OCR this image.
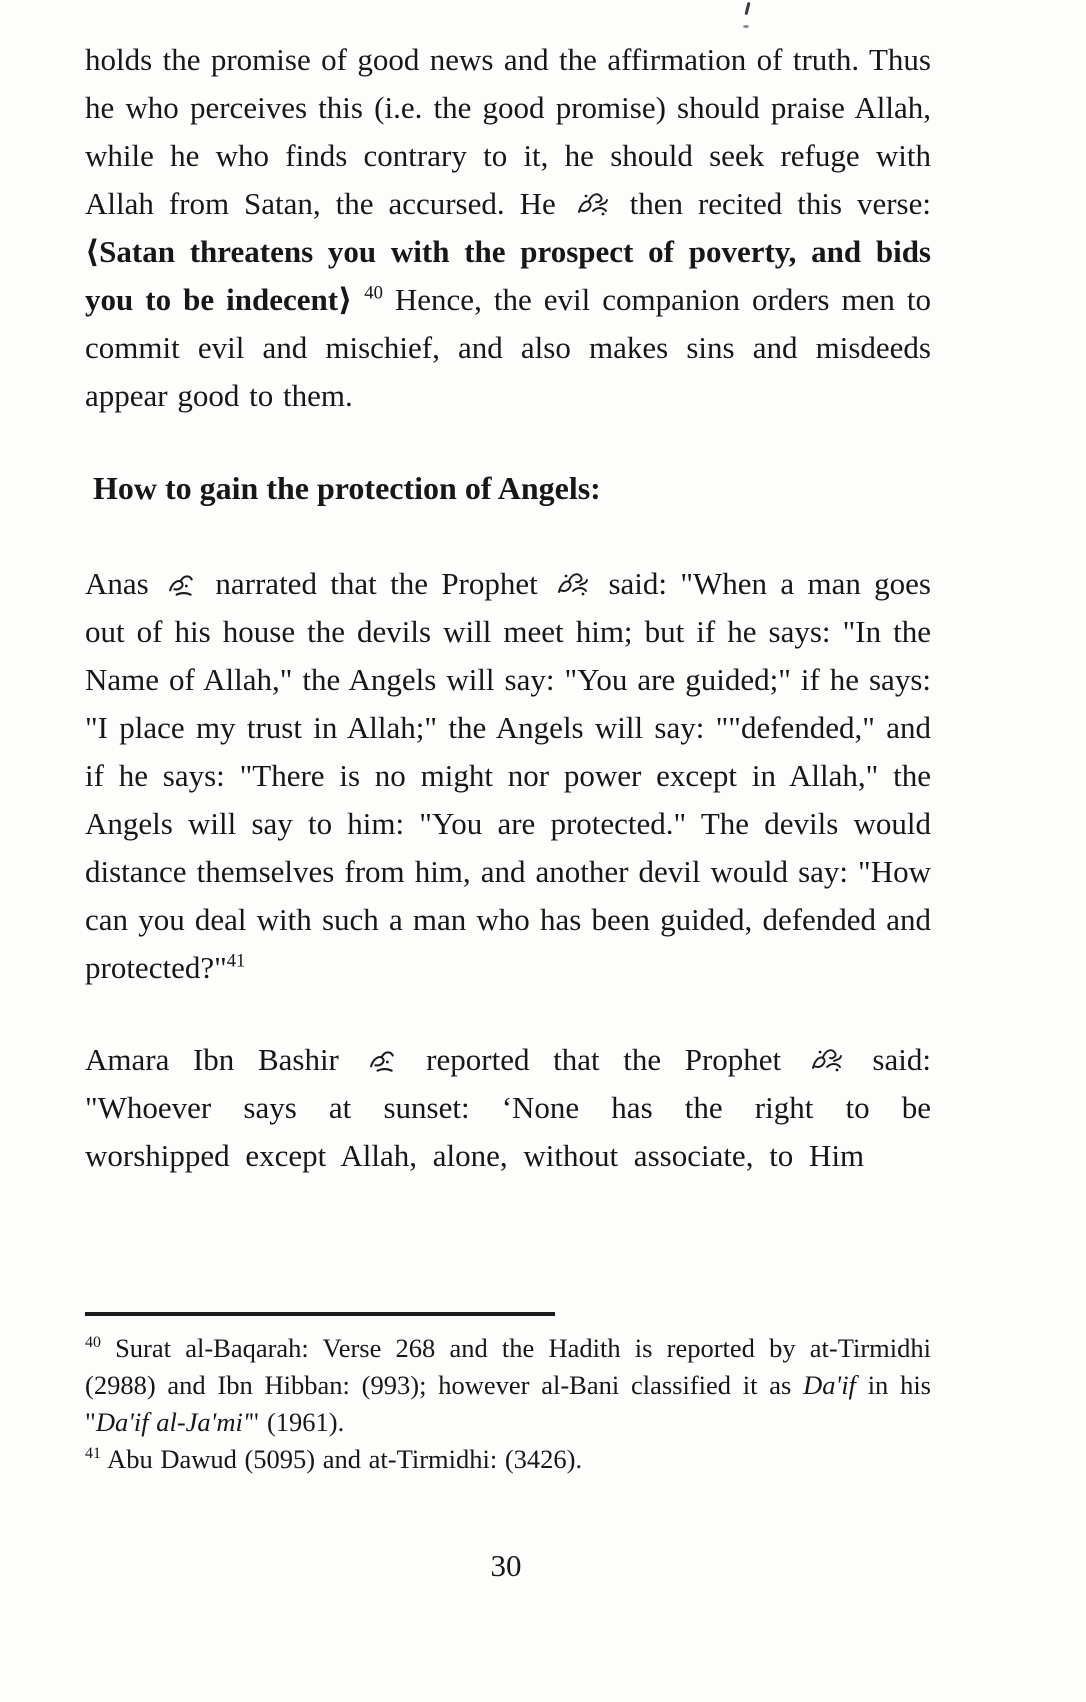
holds the promise of good news and the affirmation of truth. Thus he who perceives this (i.e. the good promise) should praise Allah, while he who finds contrary to it, he should seek refuge with Allah from Satan, the accursed. He
then recited this verse: ⟨Satan threatens you with the prospect of poverty, and bids you to be indecent⟩ $^{40}$ Hence, the evil companion orders men to commit evil and mischief, and also makes sins and misdeeds appear good to them.

How to gain the protection of Angels:

Anas
narrated that the Prophet
said: "When a man goes out of his house the devils will meet him; but if he says: "In the Name of Allah," the Angels will say: "You are guided;" if he says: "I place my trust in Allah;" the Angels will say: ""defended," and if he says: "There is no might nor power except in Allah," the Angels will say to him: "You are protected." The devils would distance themselves from him, and another devil would say: "How can you deal with such a man who has been guided, defended and protected?"$^{41}$

Amara Ibn Bashir
reported that the Prophet
said: "Whoever says at sunset: ‘None has the right to be worshipped except Allah, alone, without associate, to Him

$^{40}$ Surat al-Baqarah: Verse 268 and the Hadith is reported by at-Tirmidhi (2988) and Ibn Hibban: (993); however al-Bani classified it as Da'if in his "Da'if al-Ja'mi'" (1961).

$^{41}$ Abu Dawud (5095) and at-Tirmidhi: (3426).

30
